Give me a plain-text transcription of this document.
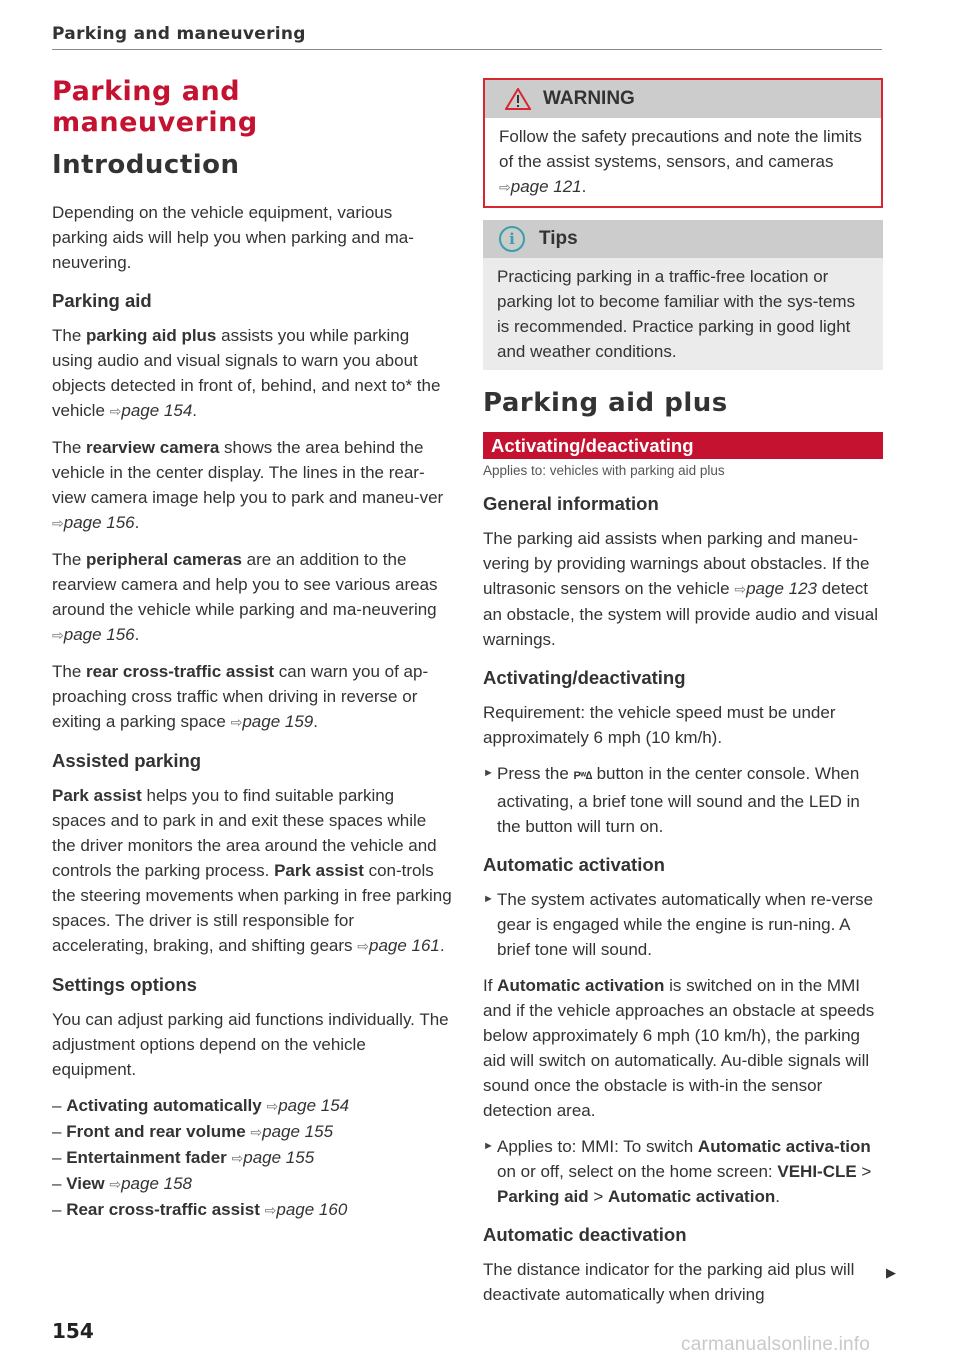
Parking and maneuvering
Parking and
maneuvering
Introduction

Depending on the vehicle equipment, various parking aids will help you when parking and ma-neuvering.

Parking aid

The parking aid plus assists you while parking using audio and visual signals to warn you about objects detected in front of, behind, and next to* the vehicle ⇨page 154.

The rearview camera shows the area behind the vehicle in the center display. The lines in the rear-view camera image help you to park and maneu-ver ⇨page 156.

The peripheral cameras are an addition to the rearview camera and help you to see various areas around the vehicle while parking and ma-neuvering ⇨page 156.

The rear cross-traffic assist can warn you of ap-proaching cross traffic when driving in reverse or exiting a parking space ⇨page 159.

Assisted parking

Park assist helps you to find suitable parking spaces and to park in and exit these spaces while the driver monitors the area around the vehicle and controls the parking process. Park assist con-trols the steering movements when parking in free parking spaces. The driver is still responsible for accelerating, braking, and shifting gears ⇨page 161.

Settings options

You can adjust parking aid functions individually. The adjustment options depend on the vehicle equipment.

– Activating automatically ⇨page 154
– Front and rear volume ⇨page 155
– Entertainment fader ⇨page 155
– View ⇨page 158
– Rear cross-traffic assist ⇨page 160
WARNING

Follow the safety precautions and note the limits of the assist systems, sensors, and cameras ⇨page 121.

i	Tips

Practicing parking in a traffic-free location or parking lot to become familiar with the sys-tems is recommended. Practice parking in good light and weather conditions.

Parking aid plus
Activating/deactivating
Applies to: vehicles with parking aid plus
General information

The parking aid assists when parking and maneu-vering by providing warnings about obstacles. If the ultrasonic sensors on the vehicle ⇨page 123 detect an obstacle, the system will provide audio and visual warnings.

Activating/deactivating

Requirement: the vehicle speed must be under approximately 6 mph (10 km/h).

► Press the Pʷ∆ button in the center console. When activating, a brief tone will sound and the LED in the button will turn on.

Automatic activation

► The system activates automatically when re-verse gear is engaged while the engine is run-ning. A brief tone will sound.

If Automatic activation is switched on in the MMI and if the vehicle approaches an obstacle at speeds below approximately 6 mph (10 km/h), the parking aid will switch on automatically. Au-dible signals will sound once the obstacle is with-in the sensor detection area.

► Applies to: MMI: To switch Automatic activa-tion on or off, select on the home screen: VEHI-CLE > Parking aid > Automatic activation.

Automatic deactivation

The distance indicator for the parking aid plus will deactivate automatically when driving

▶
154
carmanualsonline.info
